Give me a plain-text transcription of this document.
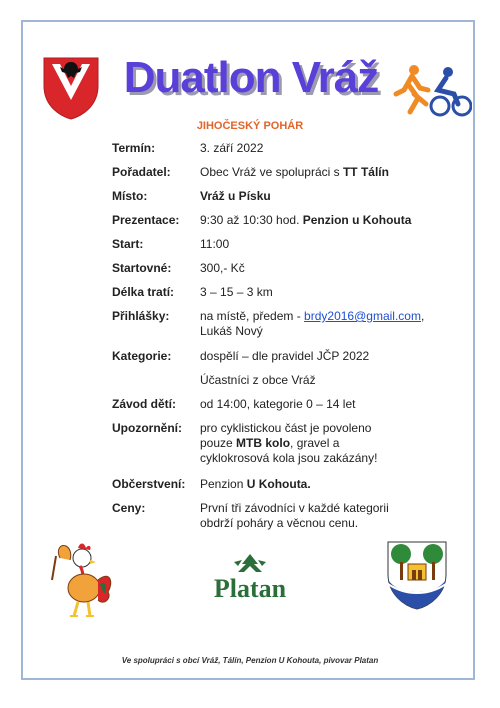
Duatlon Vráž
JIHOČESKÝ POHÁR
Termín:	3. září 2022
Pořadatel:	Obec Vráž ve spolupráci s TT Tálín
Místo:	Vráž u Písku
Prezentace:	9:30 až 10:30 hod. Penzion u Kohouta
Start:	11:00
Startovné:	300,- Kč
Délka tratí:	3 – 15 – 3 km
Přihlášky:	na místě, předem - brdy2016@gmail.com, Lukáš Nový
Kategorie:	dospělí – dle pravidel JČP 2022
Účastníci z obce Vráž
Závod dětí:	od 14:00, kategorie 0 – 14 let
Upozornění:	pro cyklistickou část je povoleno pouze MTB kolo, gravel a cyklokrosová kola jsou zakázány!
Občerstvení:	Penzion U Kohouta.
Ceny:	První tři závodníci v každé kategorii obdrží poháry a věcnou cenu.
Platan
Ve spolupráci s obcí Vráž, Tálín, Penzion U Kohouta, pivovar Platan
